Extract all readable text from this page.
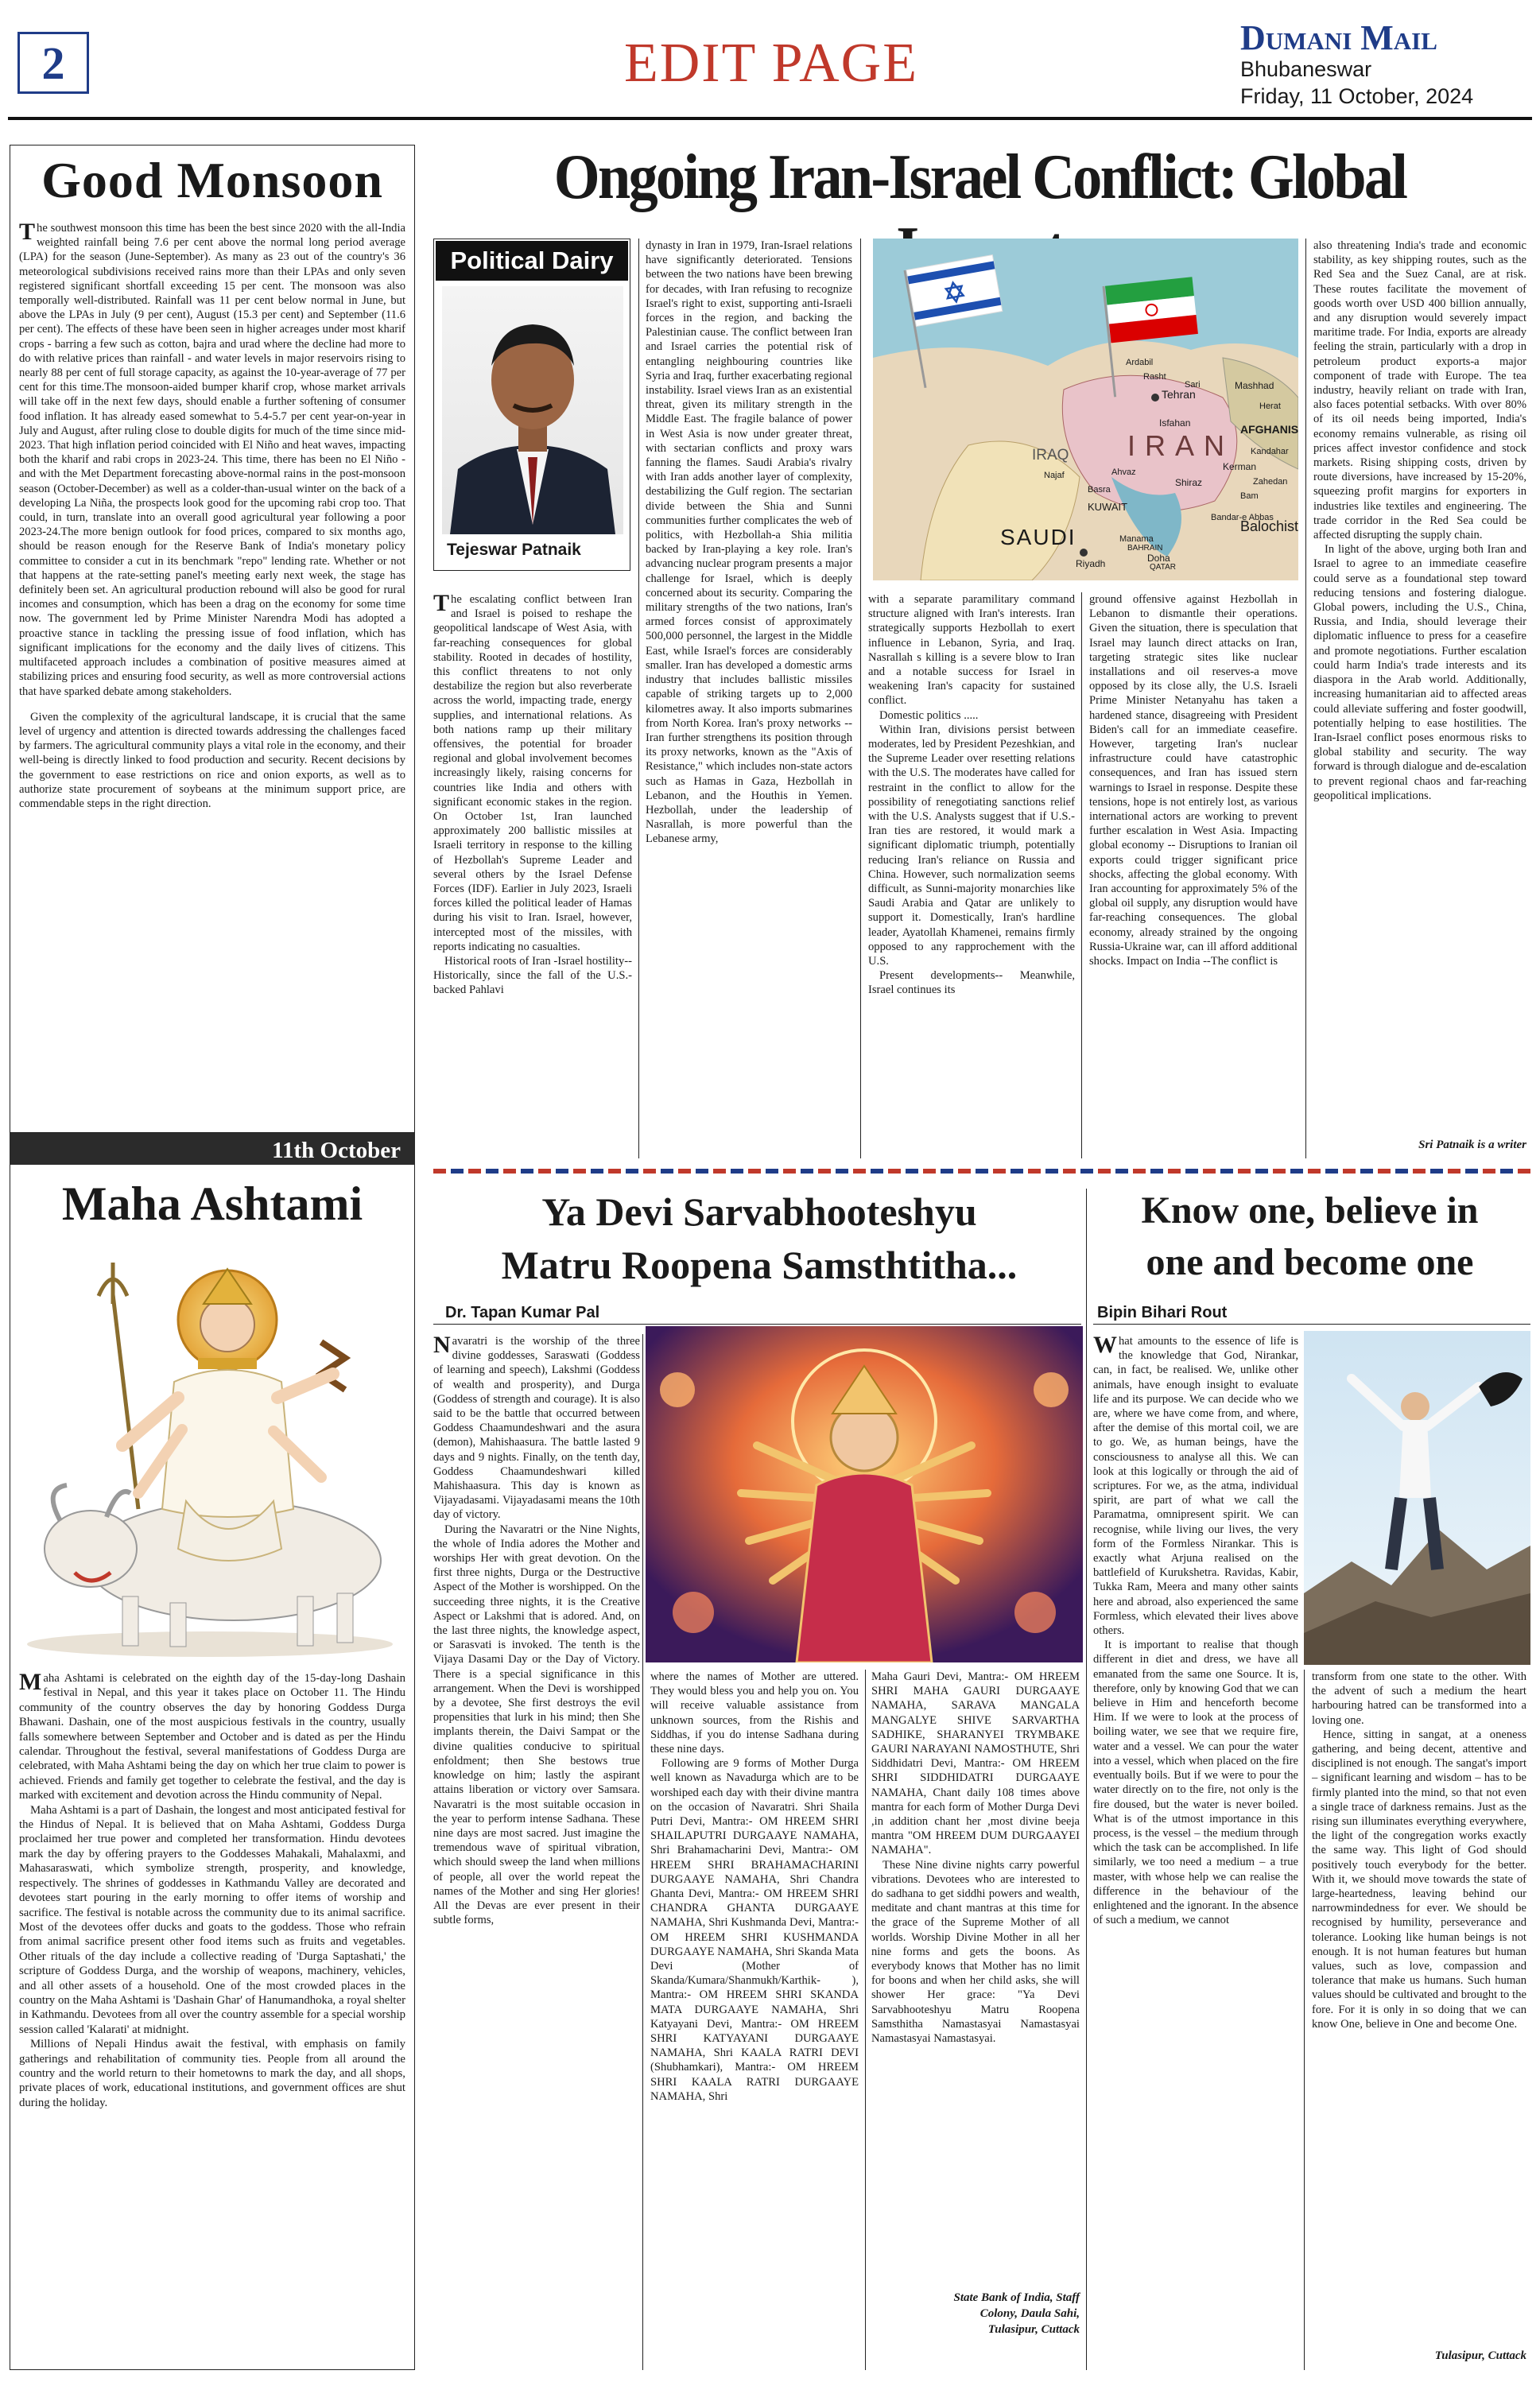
2	EDIT PAGE	Dumani Mail
Bhubaneswar
Friday, 11 October, 2024
Good Monsoon

The southwest monsoon this time has been the best since 2020 with the all-India weighted rainfall being 7.6 per cent above the normal long period average (LPA) for the season (June-September). As many as 23 out of the country's 36 meteorological subdivisions received rains more than their LPAs and only seven registered significant shortfall exceeding 15 per cent. The monsoon was also temporally well-distributed. Rainfall was 11 per cent below normal in June, but above the LPAs in July (9 per cent), August (15.3 per cent) and September (11.6 per cent). The effects of these have been seen in higher acreages under most kharif crops - barring a few such as cotton, bajra and urad where the decline had more to do with relative prices than rainfall - and water levels in major reservoirs rising to nearly 88 per cent of full storage capacity, as against the 10-year-average of 77 per cent for this time.The monsoon-aided bumper kharif crop, whose market arrivals will take off in the next few days, should enable a further softening of consumer food inflation. It has already eased somewhat to 5.4-5.7 per cent year-on-year in July and August, after ruling close to double digits for much of the time since mid-2023. That high inflation period coincided with El Niño and heat waves, impacting both the kharif and rabi crops in 2023-24. This time, there has been no El Niño - and with the Met Department forecasting above-normal rains in the post-monsoon season (October-December) as well as a colder-than-usual winter on the back of a developing La Niña, the prospects look good for the upcoming rabi crop too. That could, in turn, translate into an overall good agricultural year following a poor 2023-24.The more benign outlook for food prices, compared to six months ago, should be reason enough for the Reserve Bank of India's monetary policy committee to consider a cut in its benchmark "repo" lending rate. Whether or not that happens at the rate-setting panel's meeting early next week, the stage has definitely been set. An agricultural production rebound will also be good for rural incomes and consumption, which has been a drag on the economy for some time now. The government led by Prime Minister Narendra Modi has adopted a proactive stance in tackling the pressing issue of food inflation, which has significant implications for the economy and the daily lives of citizens. This multifaceted approach includes a combination of positive measures aimed at stabilizing prices and ensuring food security, as well as more controversial actions that have sparked debate among stakeholders.

Given the complexity of the agricultural landscape, it is crucial that the same level of urgency and attention is directed towards addressing the challenges faced by farmers. The agricultural community plays a vital role in the economy, and their well-being is directly linked to food production and security. Recent decisions by the government to ease restrictions on rice and onion exports, as well as to authorize state procurement of soybeans at the minimum support price, are commendable steps in the right direction.

11th October
Maha Ashtami

Maha Ashtami is celebrated on the eighth day of the 15-day-long Dashain festival in Nepal, and this year it takes place on October 11. The Hindu community of the country observes the day by honoring Goddess Durga Bhawani. Dashain, one of the most auspicious festivals in the country, usually falls somewhere between September and October and is dated as per the Hindu calendar. Throughout the festival, several manifestations of Goddess Durga are celebrated, with Maha Ashtami being the day on which her true claim to power is achieved. Friends and family get together to celebrate the festival, and the day is marked with excitement and devotion across the Hindu community of Nepal.

Maha Ashtami is a part of Dashain, the longest and most anticipated festival for the Hindus of Nepal. It is believed that on Maha Ashtami, Goddess Durga proclaimed her true power and completed her transformation. Hindu devotees mark the day by offering prayers to the Goddesses Mahakali, Mahalaxmi, and Mahasaraswati, which symbolize strength, prosperity, and knowledge, respectively. The shrines of goddesses in Kathmandu Valley are decorated and devotees start pouring in the early morning to offer items of worship and sacrifice. The festival is notable across the community due to its animal sacrifice. Most of the devotees offer ducks and goats to the goddess. Those who refrain from animal sacrifice present other food items such as fruits and vegetables. Other rituals of the day include a collective reading of 'Durga Saptashati,' the scripture of Goddess Durga, and the worship of weapons, machinery, vehicles, and all other assets of a household. One of the most crowded places in the country on the Maha Ashtami is 'Dashain Ghar' of Hanumandhoka, a royal shelter in Kathmandu. Devotees from all over the country assemble for a special worship session called 'Kalarati' at midnight.

Millions of Nepali Hindus await the festival, with emphasis on family gatherings and rehabilitation of community ties. People from all around the country and the world return to their hometowns to mark the day, and all shops, private places of work, educational institutions, and government offices are shut during the holiday.

Ongoing Iran-Israel Conflict: Global
Political Dairy
Tejeswar Patnaik
Tehran
IRAN
IRAQ
SAUDI
KUWAIT
AFGHANIS
Balochist
Riyadh
Isfahan
Shiraz
Bandar-e Abbas
Doha
Manama
BAHRAIN
QATAR
Kerman
Zahedan
Herat
Mashhad
Ahvaz
Basra
Najaf
Ardabil
Sari
Rasht
Kandahar
Bam

The escalating conflict between Iran and Israel is poised to reshape the geopolitical landscape of West Asia, with far-reaching consequences for global stability. Rooted in decades of hostility, this conflict threatens to not only destabilize the region but also reverberate across the world, impacting trade, energy supplies, and international relations. As both nations ramp up their military offensives, the potential for broader regional and global involvement becomes increasingly likely, raising concerns for countries like India and others with significant economic stakes in the region. On October 1st, Iran launched approximately 200 ballistic missiles at Israeli territory in response to the killing of Hezbollah's Supreme Leader and several others by the Israel Defense Forces (IDF). Earlier in July 2023, Israeli forces killed the political leader of Hamas during his visit to Iran. Israel, however, intercepted most of the missiles, with reports indicating no casualties.

Historical roots of Iran -Israel hostility-- Historically, since the fall of the U.S.-backed Pahlavi

dynasty in Iran in 1979, Iran-Israel relations have significantly deteriorated. Tensions between the two nations have been brewing for decades, with Iran refusing to recognize Israel's right to exist, supporting anti-Israeli forces in the region, and backing the Palestinian cause. The conflict between Iran and Israel carries the potential risk of entangling neighbouring countries like Syria and Iraq, further exacerbating regional instability. Israel views Iran as an existential threat, given its military strength in the Middle East. The fragile balance of power in West Asia is now under greater threat, with sectarian conflicts and proxy wars fanning the flames. Saudi Arabia's rivalry with Iran adds another layer of complexity, destabilizing the Gulf region. The sectarian divide between the Shia and Sunni communities further complicates the web of politics, with Hezbollah-a Shia militia backed by Iran-playing a key role. Iran's advancing nuclear program presents a major challenge for Israel, which is deeply concerned about its security. Comparing the military strengths of the two nations, Iran's armed forces consist of approximately 500,000 personnel, the largest in the Middle East, while Israel's forces are considerably smaller. Iran has developed a domestic arms industry that includes ballistic missiles capable of striking targets up to 2,000 kilometres away. It also imports submarines from North Korea. Iran's proxy networks -- Iran further strengthens its position through its proxy networks, known as the "Axis of Resistance," which includes non-state actors such as Hamas in Gaza, Hezbollah in Lebanon, and the Houthis in Yemen. Hezbollah, under the leadership of Nasrallah, is more powerful than the Lebanese army,

with a separate paramilitary command structure aligned with Iran's interests. Iran strategically supports Hezbollah to exert influence in Lebanon, Syria, and Iraq. Nasrallah s killing is a severe blow to Iran and a notable success for Israel in weakening Iran's capacity for sustained conflict.

Domestic politics .....

Within Iran, divisions persist between moderates, led by President Pezeshkian, and the Supreme Leader over resetting relations with the U.S. The moderates have called for restraint in the conflict to allow for the possibility of renegotiating sanctions relief with the U.S. Analysts suggest that if U.S.-Iran ties are restored, it would mark a significant diplomatic triumph, potentially reducing Iran's reliance on Russia and China. However, such normalization seems difficult, as Sunni-majority monarchies like Saudi Arabia and Qatar are unlikely to support it. Domestically, Iran's hardline leader, Ayatollah Khamenei, remains firmly opposed to any rapprochement with the U.S.

Present developments-- Meanwhile, Israel continues its

ground offensive against Hezbollah in Lebanon to dismantle their operations. Given the situation, there is speculation that Israel may launch direct attacks on Iran, targeting strategic sites like nuclear installations and oil reserves-a move opposed by its close ally, the U.S. Israeli Prime Minister Netanyahu has taken a hardened stance, disagreeing with President Biden's call for an immediate ceasefire. However, targeting Iran's nuclear infrastructure could have catastrophic consequences, and Iran has issued stern warnings to Israel in response. Despite these tensions, hope is not entirely lost, as various international actors are working to prevent further escalation in West Asia. Impacting global economy -- Disruptions to Iranian oil exports could trigger significant price shocks, affecting the global economy. With Iran accounting for approximately 5% of the global oil supply, any disruption would have far-reaching consequences. The global economy, already strained by the ongoing Russia-Ukraine war, can ill afford additional shocks. Impact on India --The conflict is

also threatening India's trade and economic stability, as key shipping routes, such as the Red Sea and the Suez Canal, are at risk. These routes facilitate the movement of goods worth over USD 400 billion annually, and any disruption would severely impact maritime trade. For India, exports are already feeling the strain, particularly with a drop in petroleum product exports-a major component of trade with Europe. The tea industry, heavily reliant on trade with Iran, also faces potential setbacks. With over 80% of its oil needs being imported, India's economy remains vulnerable, as rising oil prices affect investor confidence and stock markets. Rising shipping costs, driven by route diversions, have increased by 15-20%, squeezing profit margins for exporters in industries like textiles and engineering. The trade corridor in the Red Sea could be affected disrupting the supply chain.

In light of the above, urging both Iran and Israel to agree to an immediate ceasefire could serve as a foundational step toward reducing tensions and fostering dialogue. Global powers, including the U.S., China, Russia, and India, should leverage their diplomatic influence to press for a ceasefire and promote negotiations. Further escalation could harm India's trade interests and its diaspora in the Arab world. Additionally, increasing humanitarian aid to affected areas could alleviate suffering and foster goodwill, potentially helping to ease hostilities. The Iran-Israel conflict poses enormous risks to global stability and security. The way forward is through dialogue and de-escalation to prevent regional chaos and far-reaching geopolitical implications.

Sri Patnaik is a writer
Ya Devi Sarvabhooteshyu
Matru Roopena Samsthtitha...
Dr. Tapan Kumar Pal

Navaratri is the worship of the three divine goddesses, Saraswati (Goddess of learning and speech), Lakshmi (Goddess of wealth and prosperity), and Durga (Goddess of strength and courage). It is also said to be the battle that occurred between Goddess Chaamundeshwari and the asura (demon), Mahishaasura. The battle lasted 9 days and 9 nights. Finally, on the tenth day, Goddess Chaamundeshwari killed Mahishaasura. This day is known as Vijayadasami. Vijayadasami means the 10th day of victory.

During the Navaratri or the Nine Nights, the whole of India adores the Mother and worships Her with great devotion. On the first three nights, Durga or the Destructive Aspect of the Mother is worshipped. On the succeeding three nights, it is the Creative Aspect or Lakshmi that is adored. And, on the last three nights, the knowledge aspect, or Sarasvati is invoked. The tenth is the Vijaya Dasami Day or the Day of Victory. There is a special significance in this arrangement. When the Devi is worshipped by a devotee, She first destroys the evil propensities that lurk in his mind; then She implants therein, the Daivi Sampat or the divine qualities conducive to spiritual enfoldment; then She bestows true knowledge on him; lastly the aspirant attains liberation or victory over Samsara. Navaratri is the most suitable occasion in the year to perform intense Sadhana. These nine days are most sacred. Just imagine the tremendous wave of spiritual vibration, which should sweep the land when millions of people, all over the world repeat the names of the Mother and sing Her glories! All the Devas are ever present in their subtle forms,

where the names of Mother are uttered. They would bless you and help you on. You will receive valuable assistance from unknown sources, from the Rishis and Siddhas, if you do intense Sadhana during these nine days.

Following are 9 forms of Mother Durga well known as Navadurga which are to be worshiped each day with their divine mantra on the occasion of Navaratri. Shri Shaila Putri Devi, Mantra:- OM HREEM SHRI SHAILAPUTRI DURGAAYE NAMAHA, Shri Brahamacharini Devi, Mantra:- OM HREEM SHRI BRAHAMACHARINI DURGAAYE NAMAHA, Shri Chandra Ghanta Devi, Mantra:- OM HREEM SHRI CHANDRA GHANTA DURGAAYE NAMAHA, Shri Kushmanda Devi, Mantra:- OM HREEM SHRI KUSHMANDA DURGAAYE NAMAHA, Shri Skanda Mata Devi (Mother of Skanda/Kumara/Shanmukh/Karthik- ), Mantra:- OM HREEM SHRI SKANDA MATA DURGAAYE NAMAHA, Shri Katyayani Devi, Mantra:- OM HREEM SHRI KATYAYANI DURGAAYE NAMAHA, Shri KAALA RATRI DEVI (Shubhamkari), Mantra:- OM HREEM SHRI KAALA RATRI DURGAAYE NAMAHA, Shri

Maha Gauri Devi, Mantra:- OM HREEM SHRI MAHA GAURI DURGAAYE NAMAHA, SARAVA MANGALA MANGALYE SHIVE SARVARTHA SADHIKE, SHARANYEI TRYMBAKE GAURI NARAYANI NAMOSTHUTE, Shri Siddhidatri Devi, Mantra:- OM HREEM SHRI SIDDHIDATRI DURGAAYE NAMAHA, Chant daily 108 times above mantra for each form of Mother Durga Devi ,in addition chant her ,most divine beeja mantra "OM HREEM DUM DURGAAYEI NAMAHA".

These Nine divine nights carry powerful vibrations. Devotees who are interested to do sadhana to get siddhi powers and wealth, meditate and chant mantras at this time for the grace of the Supreme Mother of all worlds. Worship Divine Mother in all her nine forms and gets the boons. As everybody knows that Mother has no limit for boons and when her child asks, she will shower Her grace: "Ya Devi Sarvabhooteshyu Matru Roopena Samsthitha Namastasyai Namastasyai Namastasyai Namastasyai.

State Bank of India, Staff
Colony, Daula Sahi,
Tulasipur, Cuttack
Know one, believe in
one and become one
Bipin Bihari Rout

What amounts to the essence of life is the knowledge that God, Nirankar, can, in fact, be realised. We, unlike other animals, have enough insight to evaluate life and its purpose. We can decide who we are, where we have come from, and where, after the demise of this mortal coil, we are to go. We, as human beings, have the consciousness to analyse all this. We can look at this logically or through the aid of scriptures. For we, as the atma, individual spirit, are part of what we call the Paramatma, omnipresent spirit. We can recognise, while living our lives, the very form of the Formless Nirankar. This is exactly what Arjuna realised on the battlefield of Kurukshetra. Ravidas, Kabir, Tukka Ram, Meera and many other saints here and abroad, also experienced the same Formless, which elevated their lives above others.

It is important to realise that though different in diet and dress, we have all emanated from the same one Source. It is, therefore, only by knowing God that we can believe in Him and henceforth become Him. If we were to look at the process of boiling water, we see that we require fire, water and a vessel. We can pour the water into a vessel, which when placed on the fire eventually boils. But if we were to pour the water directly on to the fire, not only is the fire doused, but the water is never boiled. What is of the utmost importance in this process, is the vessel – the medium through which the task can be accomplished. In life similarly, we too need a medium – a true master, with whose help we can realise the difference in the behaviour of the enlightened and the ignorant. In the absence of such a medium, we cannot

transform from one state to the other. With the advent of such a medium the heart harbouring hatred can be transformed into a loving one.

Hence, sitting in sangat, at a oneness gathering, and being decent, attentive and disciplined is not enough. The sangat's import – significant learning and wisdom – has to be firmly planted into the mind, so that not even a single trace of darkness remains. Just as the rising sun illuminates everything everywhere, the light of the congregation works exactly the same way. This light of God should positively touch everybody for the better. With it, we should move towards the state of large-heartedness, leaving behind our narrowmindedness for ever. We should be recognised by humility, perseverance and tolerance. Looking like human beings is not enough. It is not human features but human values, such as love, compassion and tolerance that make us humans. Such human values should be cultivated and brought to the fore. For it is only in so doing that we can know One, believe in One and become One.

Tulasipur, Cuttack
